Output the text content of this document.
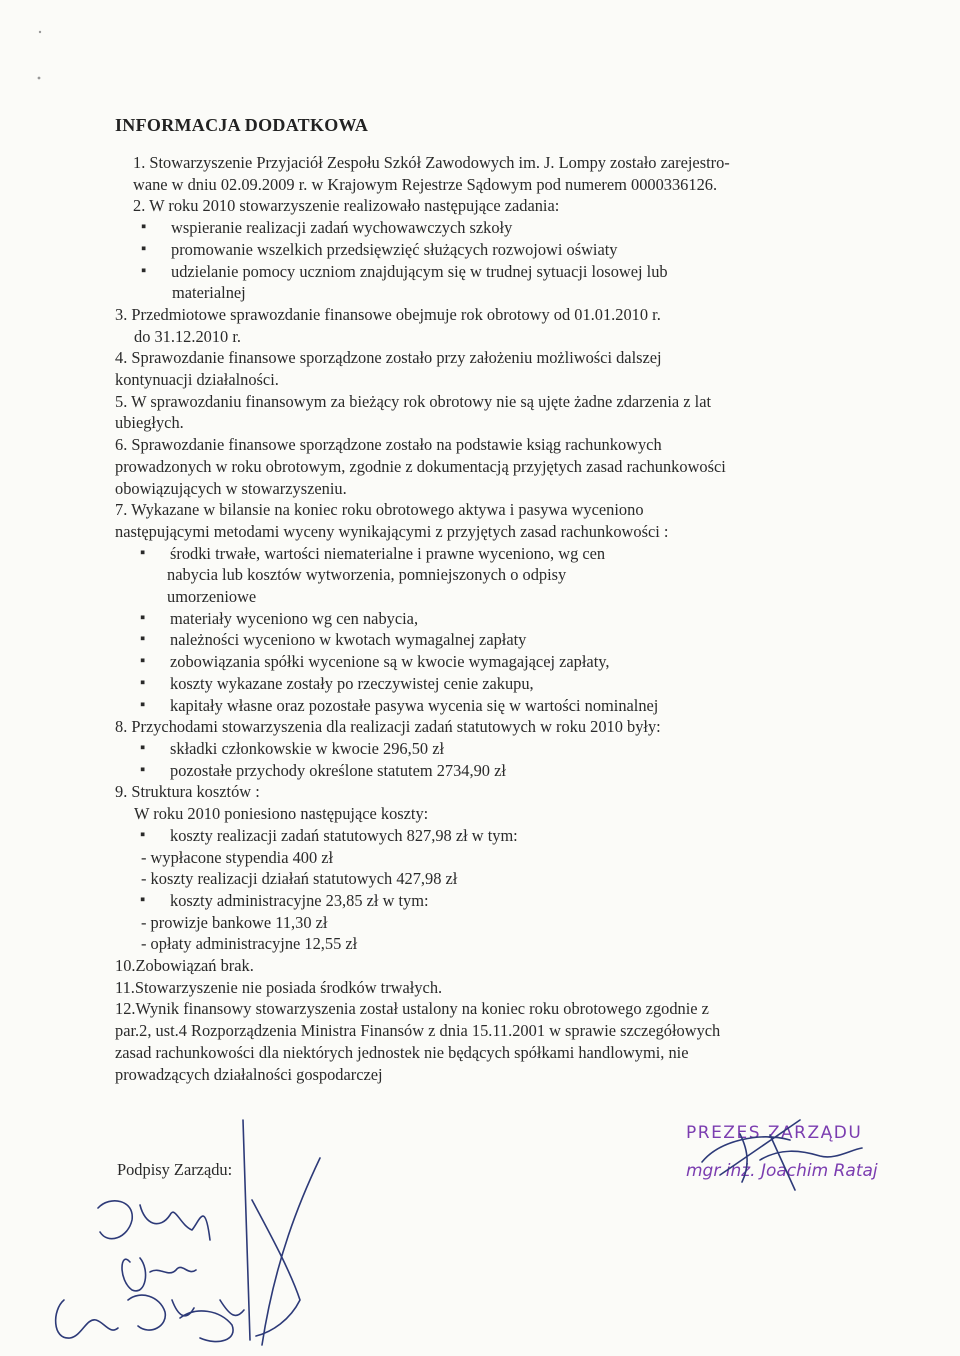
INFORMACJA DODATKOWA

1. Stowarzyszenie Przyjaciół Zespołu Szkół Zawodowych im. J. Lompy zostało zarejestro-

wane w dniu 02.09.2009 r. w Krajowym Rejestrze Sądowym pod numerem 0000336126.

2. W roku 2010 stowarzyszenie realizowało następujące zadania:

▪ wspieranie realizacji zadań wychowawczych szkoły

▪ promowanie wszelkich przedsięwzięć służących rozwojowi oświaty

▪ udzielanie pomocy uczniom znajdującym się w trudnej sytuacji losowej lub

materialnej

3. Przedmiotowe sprawozdanie finansowe obejmuje rok obrotowy od 01.01.2010 r.

do 31.12.2010 r.

4. Sprawozdanie finansowe sporządzone zostało przy założeniu możliwości dalszej

kontynuacji działalności.

5. W sprawozdaniu finansowym za bieżący rok obrotowy nie są ujęte żadne zdarzenia z lat

ubiegłych.

6. Sprawozdanie finansowe sporządzone zostało na podstawie ksiąg rachunkowych

prowadzonych w roku obrotowym, zgodnie z dokumentacją przyjętych zasad rachunkowości

obowiązujących w stowarzyszeniu.

7. Wykazane w bilansie na koniec roku obrotowego aktywa i pasywa wyceniono

następującymi metodami wyceny wynikającymi z przyjętych zasad rachunkowości :

▪ środki trwałe, wartości niematerialne i prawne wyceniono, wg cen

nabycia lub kosztów wytworzenia, pomniejszonych o odpisy

umorzeniowe

▪ materiały wyceniono wg cen nabycia,

▪ należności wyceniono w kwotach wymagalnej zapłaty

▪ zobowiązania spółki wycenione są w kwocie wymagającej zapłaty,

▪ koszty wykazane zostały po rzeczywistej cenie zakupu,

▪ kapitały własne oraz pozostałe pasywa wycenia się w wartości nominalnej

8. Przychodami stowarzyszenia dla realizacji zadań statutowych w roku 2010 były:

▪ składki członkowskie w kwocie 296,50 zł

▪ pozostałe przychody określone statutem 2734,90 zł

9. Struktura kosztów :

W roku 2010 poniesiono następujące koszty:

▪ koszty realizacji zadań statutowych 827,98 zł w tym:

- wypłacone stypendia 400 zł

- koszty realizacji działań statutowych 427,98 zł

▪ koszty administracyjne 23,85 zł w tym:

- prowizje bankowe 11,30 zł

- opłaty administracyjne 12,55 zł

10.Zobowiązań brak.

11.Stowarzyszenie nie posiada środków trwałych.

12.Wynik finansowy stowarzyszenia został ustalony na koniec roku obrotowego zgodnie z

par.2, ust.4 Rozporządzenia Ministra Finansów z dnia 15.11.2001 w sprawie szczegółowych

zasad rachunkowości dla niektórych jednostek nie będących spółkami handlowymi, nie

prowadzących działalności gospodarczej

Podpisy Zarządu:
PREZES ZARZĄDU
mgr inż. Joachim Rataj
